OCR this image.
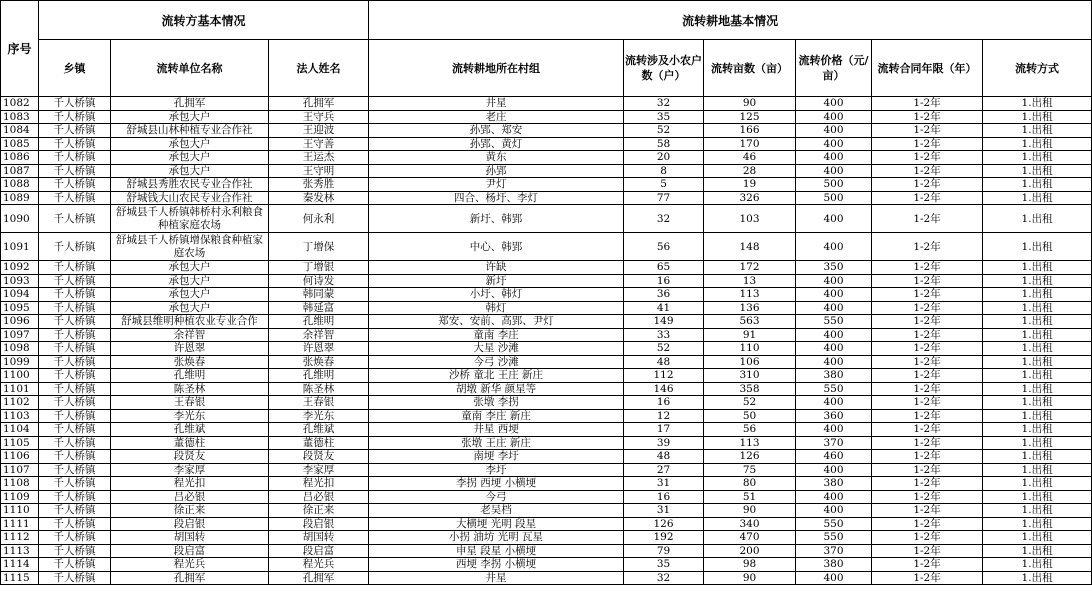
序号	流转方基本情况			流转耕地基本情况					
	乡镇	流转单位名称	法人姓名	流转耕地所在村组	流转涉及小农户数（户）	流转亩数（亩）	流转价格（元/亩）	流转合同年限（年）	流转方式
1082	千人桥镇	孔拥军	孔拥军	井星	32	90	400	1-2年	1.出租
1083	千人桥镇	承包大户	王守兵	老庄	35	125	400	1-2年	1.出租
1084	千人桥镇	舒城县山林种植专业合作社	王迎波	孙郢、郑安	52	166	400	1-2年	1.出租
1085	千人桥镇	承包大户	王守善	孙郢、黄灯	58	170	400	1-2年	1.出租
1086	千人桥镇	承包大户	王运杰	黄东	20	46	400	1-2年	1.出租
1087	千人桥镇	承包大户	王守明	孙郢	8	28	400	1-2年	1.出租
1088	千人桥镇	舒城县秀胜农民专业合作社	张秀胜	尹灯	5	19	500	1-2年	1.出租
1089	千人桥镇	舒城钱大山农民专业合作社	秦发林	四合、杨圩、李灯	77	326	500	1-2年	1.出租
1090	千人桥镇	舒城县千人桥镇韩桥村永利粮食种植家庭农场	何永利	新圩、韩郢	32	103	400	1-2年	1.出租
1091	千人桥镇	舒城县千人桥镇增保粮食种植家庭农场	丁增保	中心、韩郢	56	148	400	1-2年	1.出租
1092	千人桥镇	承包大户	丁增银	许缺	65	172	350	1-2年	1.出租
1093	千人桥镇	承包大户	何诗发	新圩	16	13	400	1-2年	1.出租
1094	千人桥镇	承包大户	韩同蒙	小圩、韩灯	36	113	400	1-2年	1.出租
1095	千人桥镇	承包大户	韩延富	韩灯	41	136	400	1-2年	1.出租
1096	千人桥镇	舒城县维明种植农业专业合作	孔维明	郑安、安前、高郢、尹灯	149	563	550	1-2年	1.出租
1097	千人桥镇	余祥智	余祥智	童南 李庄	33	91	400	1-2年	1.出租
1098	千人桥镇	许恩翠	许恩翠	大星 沙滩	52	110	400	1-2年	1.出租
1099	千人桥镇	张焕春	张焕春	今弓 沙滩	48	106	400	1-2年	1.出租
1100	千人桥镇	孔维明	孔维明	沙桥 童北 王庄 新庄	112	310	380	1-2年	1.出租
1101	千人桥镇	陈圣林	陈圣林	胡墩 新华 颜星等	146	358	550	1-2年	1.出租
1102	千人桥镇	王春银	王春银	张墩 李拐	16	52	400	1-2年	1.出租
1103	千人桥镇	李光东	李光东	童南 李庄 新庄	12	50	360	1-2年	1.出租
1104	千人桥镇	孔维斌	孔维斌	井星 西埂	17	56	400	1-2年	1.出租
1105	千人桥镇	董德柱	董德柱	张墩 王庄 新庄	39	113	370	1-2年	1.出租
1106	千人桥镇	段贤友	段贤友	南埂 李圩	48	126	460	1-2年	1.出租
1107	千人桥镇	李家厚	李家厚	李圩	27	75	400	1-2年	1.出租
1108	千人桥镇	程光扣	程光扣	李拐 西埂 小横埂	31	80	380	1-2年	1.出租
1109	千人桥镇	吕必银	吕必银	今弓	16	51	400	1-2年	1.出租
1110	千人桥镇	徐正来	徐正来	老吴档	31	90	400	1-2年	1.出租
1111	千人桥镇	段启银	段启银	大横埂 光明 段星	126	340	550	1-2年	1.出租
1112	千人桥镇	胡国转	胡国转	小拐 油坊 光明 瓦星	192	470	550	1-2年	1.出租
1113	千人桥镇	段启富	段启富	申星 段星 小横埂	79	200	370	1-2年	1.出租
1114	千人桥镇	程光兵	程光兵	西埂 李拐 小横埂	35	98	380	1-2年	1.出租
1115	千人桥镇	孔拥军	孔拥军	井星	32	90	400	1-2年	1.出租
